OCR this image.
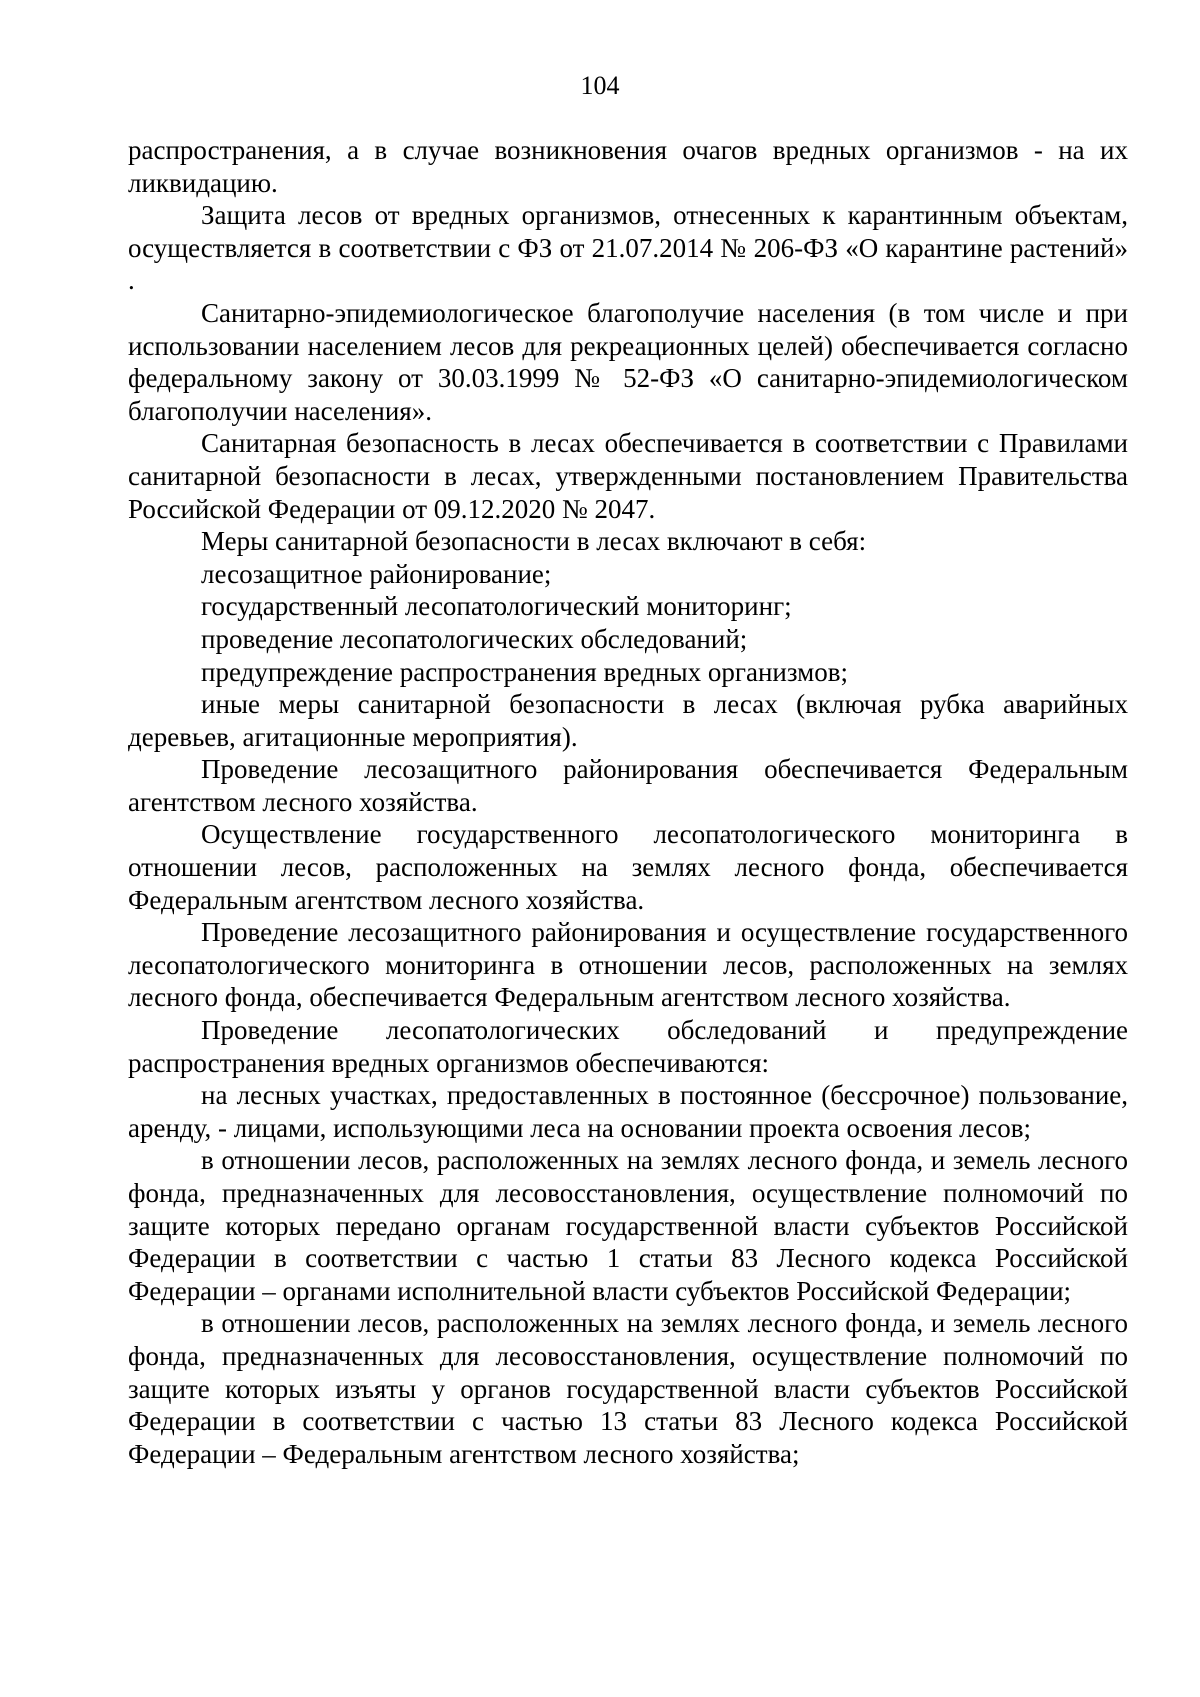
104

распространения, а в случае возникновения очагов вредных организмов - на их ликвидацию.

Защита лесов от вредных организмов, отнесенных к карантинным объектам, осуществляется в соответствии с ФЗ от 21.07.2014 № 206-ФЗ «О карантине растений» .

Санитарно-эпидемиологическое благополучие населения (в том числе и при использовании населением лесов для рекреационных целей) обеспечивается согласно федеральному закону от 30.03.1999 № 52-ФЗ «О санитарно-эпидемиологическом благополучии населения».

Санитарная безопасность в лесах обеспечивается в соответствии с Правилами санитарной безопасности в лесах, утвержденными постановлением Правительства Российской Федерации от 09.12.2020 № 2047.

Меры санитарной безопасности в лесах включают в себя:

лесозащитное районирование;

государственный лесопатологический мониторинг;

проведение лесопатологических обследований;

предупреждение распространения вредных организмов;

иные меры санитарной безопасности в лесах (включая рубка аварийных деревьев, агитационные мероприятия).

Проведение лесозащитного районирования обеспечивается Федеральным агентством лесного хозяйства.

Осуществление государственного лесопатологического мониторинга в отношении лесов, расположенных на землях лесного фонда, обеспечивается Федеральным агентством лесного хозяйства.

Проведение лесозащитного районирования и осуществление государственного лесопатологического мониторинга в отношении лесов, расположенных на землях лесного фонда, обеспечивается Федеральным агентством лесного хозяйства.

Проведение лесопатологических обследований и предупреждение распространения вредных организмов обеспечиваются:

на лесных участках, предоставленных в постоянное (бессрочное) пользование, аренду, - лицами, использующими леса на основании проекта освоения лесов;

в отношении лесов, расположенных на землях лесного фонда, и земель лесного фонда, предназначенных для лесовосстановления, осуществление полномочий по защите которых передано органам государственной власти субъектов Российской Федерации в соответствии с частью 1 статьи 83 Лесного кодекса Российской Федерации – органами исполнительной власти субъектов Российской Федерации;

в отношении лесов, расположенных на землях лесного фонда, и земель лесного фонда, предназначенных для лесовосстановления, осуществление полномочий по защите которых изъяты у органов государственной власти субъектов Российской Федерации в соответствии с частью 13 статьи 83 Лесного кодекса Российской Федерации – Федеральным агентством лесного хозяйства;
